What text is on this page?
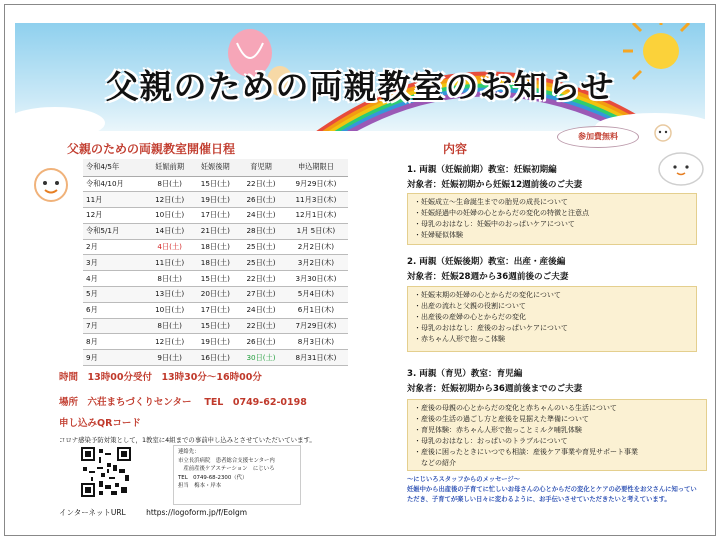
父親のための両親教室のお知らせ
父親のための両親教室開催日程
令和4/5年	妊娠前期	妊娠後期	育児期	申込期限日
令和4/10月	8日(土)	15日(土)	22日(土)	9月29日(木)
11月	12日(土)	19日(土)	26日(土)	11月3日(木)
12月	10日(土)	17日(土)	24日(土)	12月1日(木)
令和5/1月	14日(土)	21日(土)	28日(土)	1月 5日(木)
2月	4日(土)	18日(土)	25日(土)	2月2日(木)
3月	11日(土)	18日(土)	25日(土)	3月2日(木)
4月	8日(土)	15日(土)	22日(土)	3月30日(木)
5月	13日(土)	20日(土)	27日(土)	5月4日(木)
6月	10日(土)	17日(土)	24日(土)	6月1日(木)
7月	8日(土)	15日(土)	22日(土)	7月29日(木)
8月	12日(土)	19日(土)	26日(土)	8月3日(木)
9月	9日(土)	16日(土)	30日(土)	8月31日(木)
時間　13時00分受付　13時30分～16時00分
場所　六荘まちづくりセンター　 TEL　0749-62-0198
申し込みQRコード
コロナ感染予防対策として，1教室に4組までの事前申し込みとさせていただいています。
連絡先：
市立長浜病院　患者総合支援センター内
　産前産後ケアステーション　にじいろ
TEL　0749-68-2300（代）
担当　梅本・岸本
インターネットURL	https://logoform.jp/f/EoIgm
内容
参加費無料
1. 両親（妊娠前期）教室：妊娠初期編
対象者：妊娠初期から妊娠12週前後のご夫妻
・妊娠成立～生命誕生までの胎児の成長について
・妊娠経過中の妊婦の心とからだの変化の特徴と注意点
・母乳のおはなし：妊娠中のおっぱいケアについて
・妊婦疑似体験
2. 両親（妊娠後期）教室：出産・産後編
対象者：妊娠28週から36週前後のご夫妻
・妊娠末期の妊婦の心とからだの変化について
・出産の流れと父親の役割について
・出産後の産婦の心とからだの変化
・母乳のおはなし：産後のおっぱいケアについて
・赤ちゃん人形で抱っこ体験
3. 両親（育児）教室：育児編
対象者：妊娠初期から36週前後までのご夫妻
・産後の母親の心とからだの変化と赤ちゃんのいる生活について
・産後の生活の過ごし方と産後を見据えた準備について
・育児体験：赤ちゃん人形で抱っことミルク哺乳体験
・母乳のおはなし：おっぱいのトラブルについて
・産後に困ったときにいつでも相談：産後ケア事業や育児サポート事業
　などの紹介
～にじいろスタッフからのメッセージ～
妊娠中から出産後の子育てに忙しいお母さんの心とからだの変化とケアの必要性をお父さんに知っていただき、子育てが楽しい日々に変わるように、お手伝いさせていただきたいと考えています。
